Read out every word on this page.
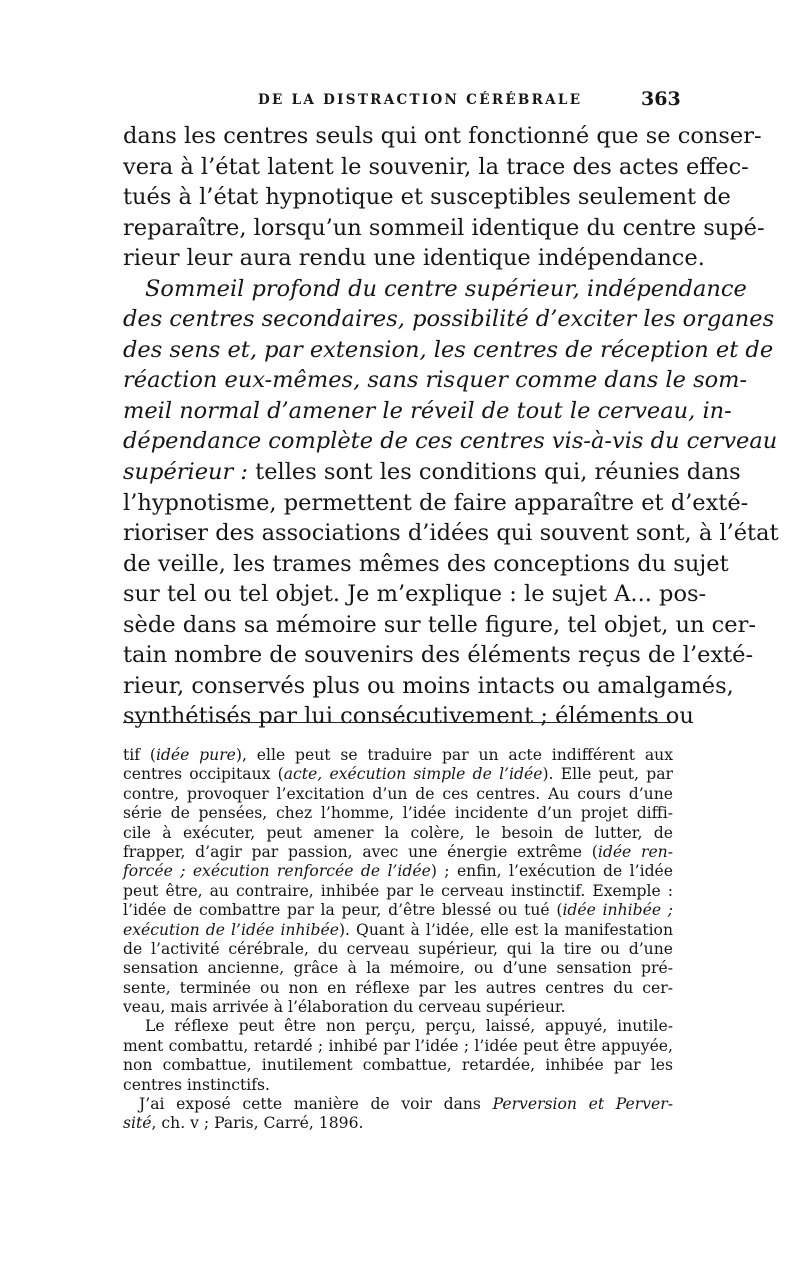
DE LA DISTRACTION CÉRÉBRALE	363
dans les centres seuls qui ont fonctionné que se conser-
vera à l’état latent le souvenir, la trace des actes effec-
tués à l’état hypnotique et susceptibles seulement de
reparaître, lorsqu’un sommeil identique du centre supé-
rieur leur aura rendu une identique indépendance.
Sommeil profond du centre supérieur, indépendance
des centres secondaires, possibilité d’exciter les organes
des sens et, par extension, les centres de réception et de
réaction eux-mêmes, sans risquer comme dans le som-
meil normal d’amener le réveil de tout le cerveau, in-
dépendance complète de ces centres vis-à-vis du cerveau
supérieur : telles sont les conditions qui, réunies dans
l’hypnotisme, permettent de faire apparaître et d’exté-
rioriser des associations d’idées qui souvent sont, à l’état
de veille, les trames mêmes des conceptions du sujet
sur tel ou tel objet. Je m’explique : le sujet A... pos-
sède dans sa mémoire sur telle figure, tel objet, un cer-
tain nombre de souvenirs des éléments reçus de l’exté-
rieur, conservés plus ou moins intacts ou amalgamés,
synthétisés par lui consécutivement ; éléments ou
tif (idée pure), elle peut se traduire par un acte indifférent aux
centres occipitaux (acte, exécution simple de l’idée). Elle peut, par
contre, provoquer l’excitation d’un de ces centres. Au cours d’une
série de pensées, chez l’homme, l’idée incidente d’un projet diffi-
cile à exécuter, peut amener la colère, le besoin de lutter, de
frapper, d’agir par passion, avec une énergie extrême (idée ren-
forcée ; exécution renforcée de l’idée) ; enfin, l’exécution de l’idée
peut être, au contraire, inhibée par le cerveau instinctif. Exemple :
l’idée de combattre par la peur, d’être blessé ou tué (idée inhibée ;
exécution de l’idée inhibée). Quant à l’idée, elle est la manifestation
de l’activité cérébrale, du cerveau supérieur, qui la tire ou d’une
sensation ancienne, grâce à la mémoire, ou d’une sensation pré-
sente, terminée ou non en réflexe par les autres centres du cer-
veau, mais arrivée à l’élaboration du cerveau supérieur.
Le réflexe peut être non perçu, perçu, laissé, appuyé, inutile-
ment combattu, retardé ; inhibé par l’idée ; l’idée peut être appuyée,
non combattue, inutilement combattue, retardée, inhibée par les
centres instinctifs.
J’ai exposé cette manière de voir dans Perversion et Perver-
sité, ch. v ; Paris, Carré, 1896.
